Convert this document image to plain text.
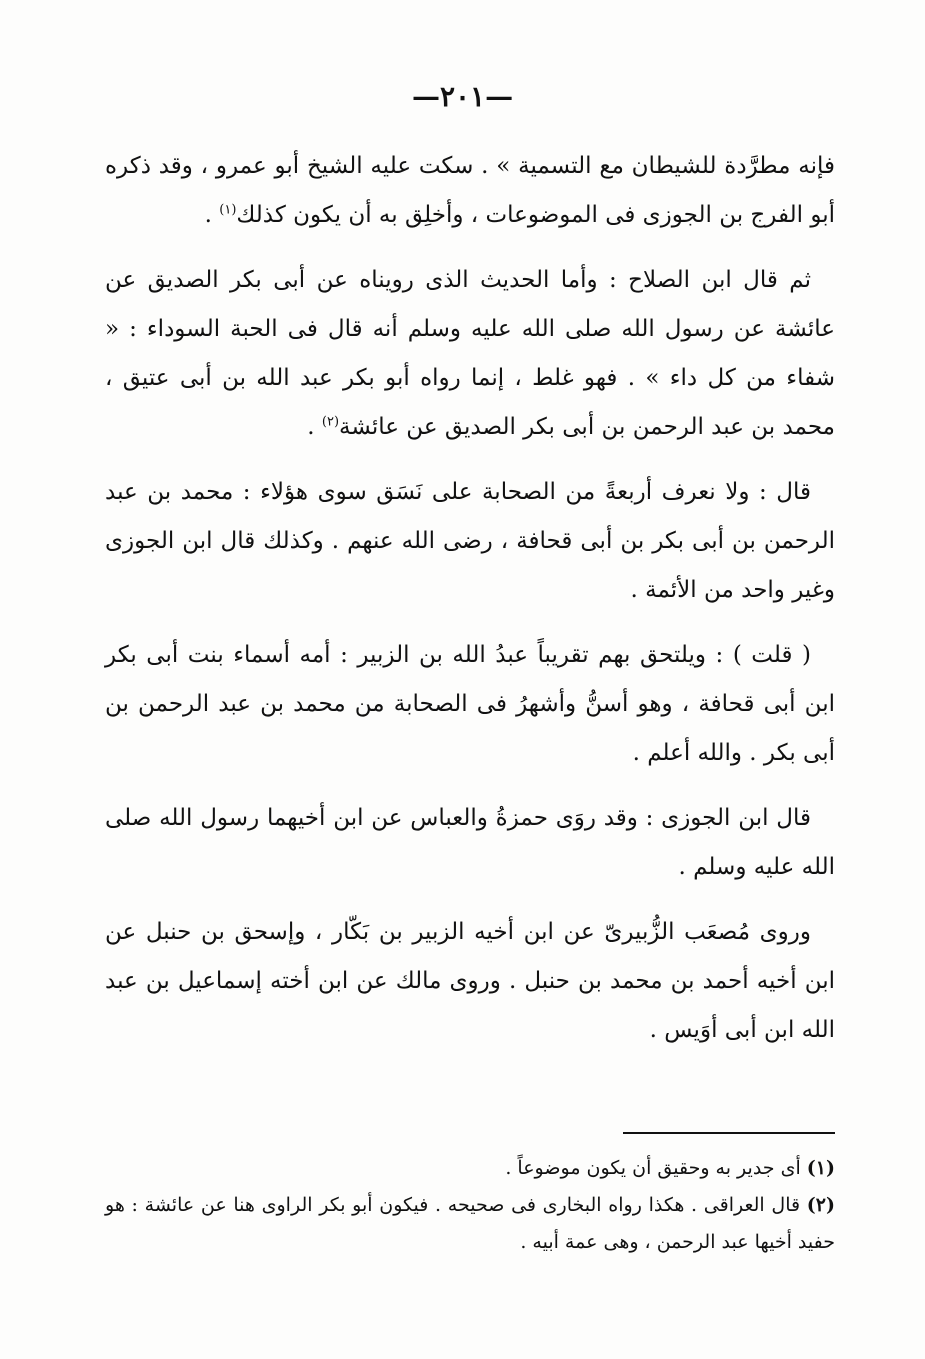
—٢٠١—

فإنه مطرَّدة للشيطان مع التسمية » . سكت عليه الشيخ أبو عمرو ، وقد ذكره أبو الفرج بن الجوزى فى الموضوعات ، وأخلِق به أن يكون كذلك$^{(١)}$ .

ثم قال ابن الصلاح : وأما الحديث الذى رويناه عن أبى بكر الصديق عن عائشة عن رسول الله صلى الله عليه وسلم أنه قال فى الحبة السوداء : « شفاء من كل داء » . فهو غلط ، إنما رواه أبو بكر عبد الله بن أبى عتيق ، محمد بن عبد الرحمن بن أبى بكر الصديق عن عائشة$^{(٢)}$ .

قال : ولا نعرف أربعةً من الصحابة على نَسَق سوى هؤلاء : محمد بن عبد الرحمن بن أبى بكر بن أبى قحافة ، رضى الله عنهم . وكذلك قال ابن الجوزى وغير واحد من الأئمة .

( قلت ) : ويلتحق بهم تقريباً عبدُ الله بن الزبير : أمه أسماء بنت أبى بكر ابن أبى قحافة ، وهو أسنُّ وأشهرُ فى الصحابة من محمد بن عبد الرحمن بن أبى بكر . والله أعلم .

قال ابن الجوزى : وقد روَى حمزةُ والعباس عن ابن أخيهما رسول الله صلى الله عليه وسلم .

وروى مُصعَب الزُّبيرىّ عن ابن أخيه الزبير بن بَكّار ، وإسحق بن حنبل عن ابن أخيه أحمد بن محمد بن حنبل . وروى مالك عن ابن أخته إسماعيل بن عبد الله ابن أبى أوَيس .

(١) أى جدير به وحقيق أن يكون موضوعاً .

(٢) قال العراقى . هكذا رواه البخارى فى صحيحه . فيكون أبو بكر الراوى هنا عن عائشة : هو حفيد أخيها عبد الرحمن ، وهى عمة أبيه .
